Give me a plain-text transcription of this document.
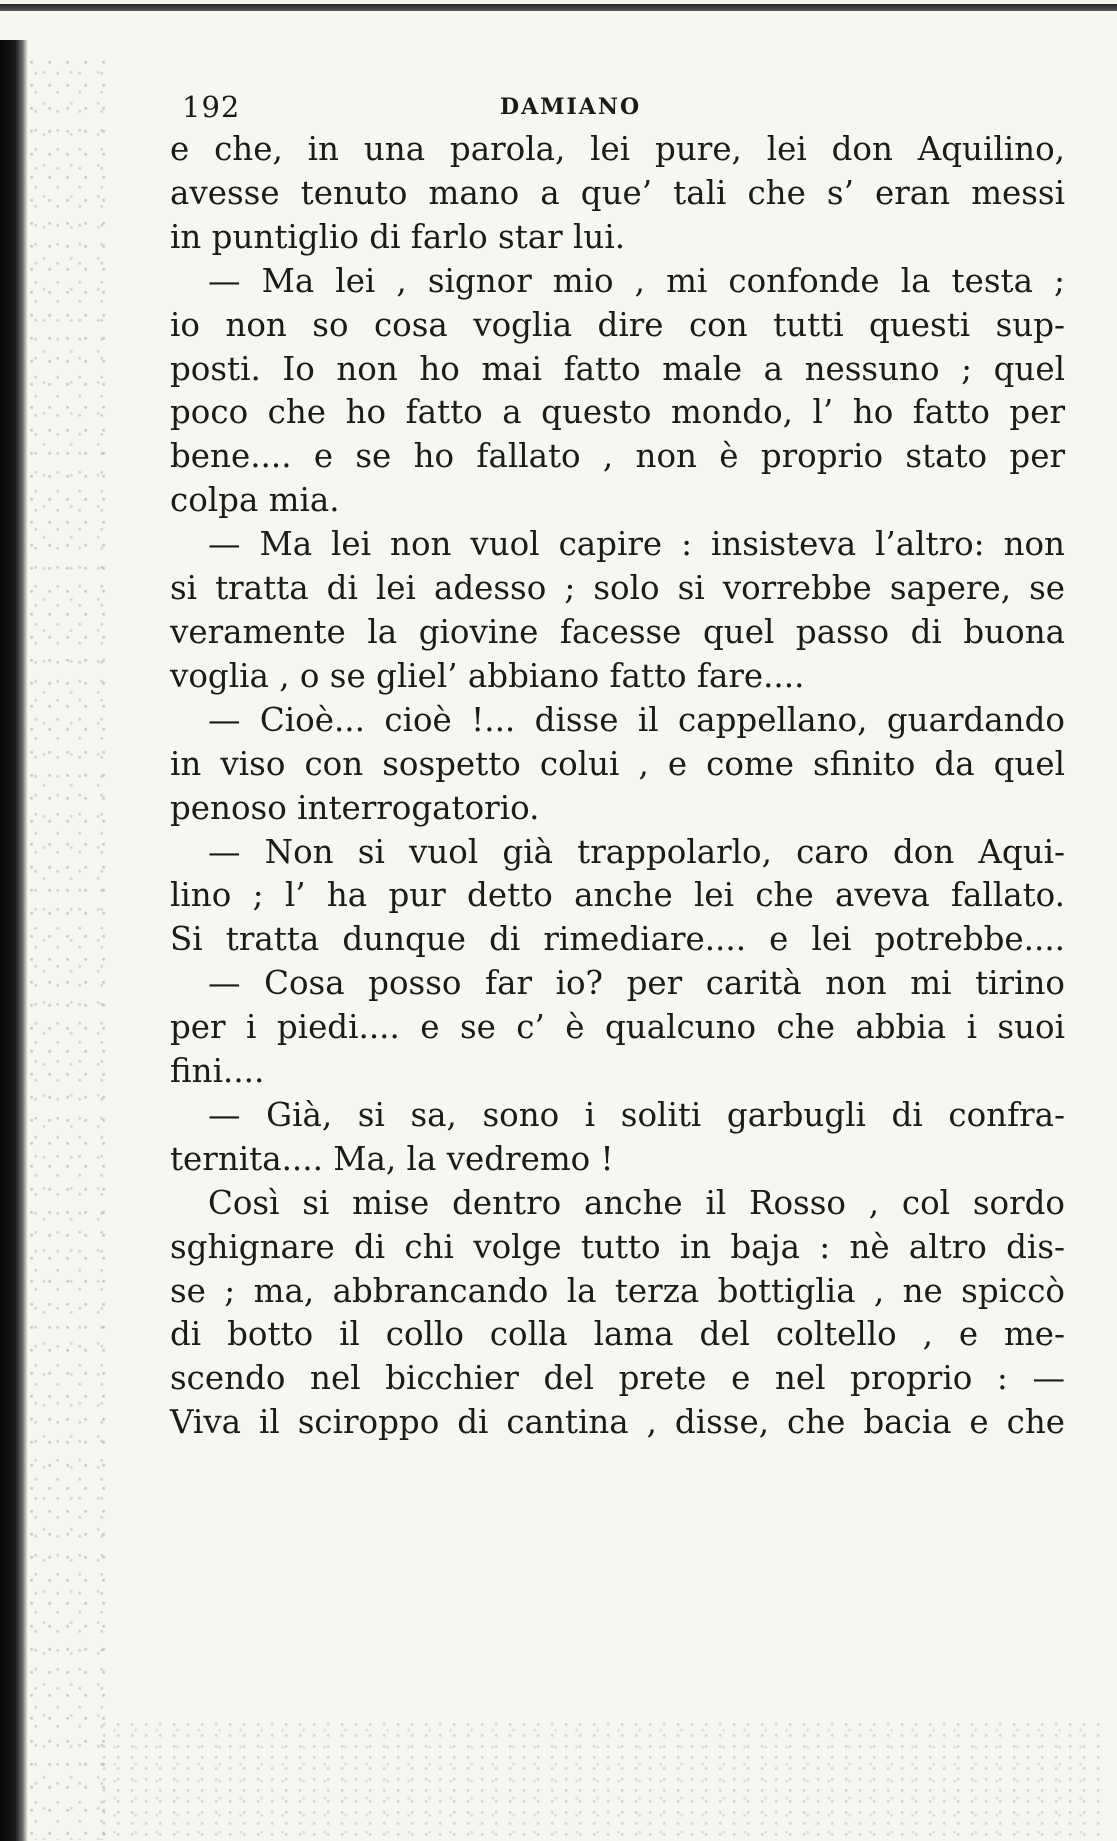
192	DAMIANO
e che, in una parola, lei pure, lei don Aquilino,
avesse tenuto mano a que’ tali che s’ eran messi
in puntiglio di farlo star lui.
— Ma lei , signor mio , mi confonde la testa ;
io non so cosa voglia dire con tutti questi sup-
posti. Io non ho mai fatto male a nessuno ; quel
poco che ho fatto a questo mondo, l’ ho fatto per
bene.... e se ho fallato , non è proprio stato per
colpa mia.
— Ma lei non vuol capire : insisteva l’altro: non
si tratta di lei adesso ; solo si vorrebbe sapere, se
veramente la giovine facesse quel passo di buona
voglia , o se gliel’ abbiano fatto fare....
— Cioè... cioè !... disse il cappellano, guardando
in viso con sospetto colui , e come sfinito da quel
penoso interrogatorio.
— Non si vuol già trappolarlo, caro don Aqui-
lino ; l’ ha pur detto anche lei che aveva fallato.
Si tratta dunque di rimediare.... e lei potrebbe....
— Cosa posso far io? per carità non mi tirino
per i piedi.... e se c’ è qualcuno che abbia i suoi
fini....
— Già, si sa, sono i soliti garbugli di confra-
ternita.... Ma, la vedremo !
Così si mise dentro anche il Rosso , col sordo
sghignare di chi volge tutto in baja : nè altro dis-
se ; ma, abbrancando la terza bottiglia , ne spiccò
di botto il collo colla lama del coltello , e me-
scendo nel bicchier del prete e nel proprio : —
Viva il sciroppo di cantina , disse, che bacia e che
